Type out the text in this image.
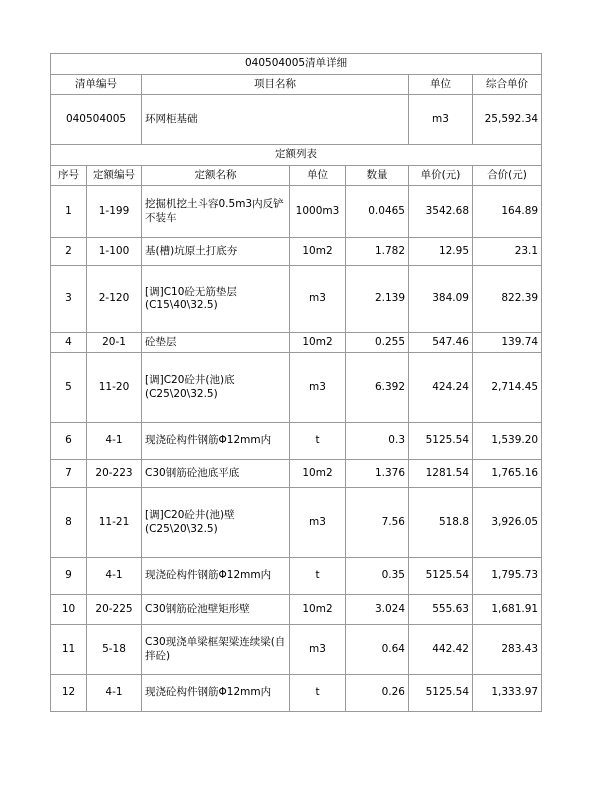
040504005清单详细						
清单编号		项目名称			单位	综合单价
040504005		环网柜基础			m3	25,592.34
定额列表						
序号	定额编号	定额名称	单位	数量	单价(元)	合价(元)
1	1-199	挖掘机挖土斗容0.5m3内反铲不装车	1000m3	0.0465	3542.68	164.89
2	1-100	基(槽)坑原土打底夯	10m2	1.782	12.95	23.1
3	2-120	[调]C10砼无筋垫层(C15\40\32.5)	m3	2.139	384.09	822.39
4	20-1	砼垫层	10m2	0.255	547.46	139.74
5	11-20	[调]C20砼井(池)底(C25\20\32.5)	m3	6.392	424.24	2,714.45
6	4-1	现浇砼构件钢筋Φ12mm内	t	0.3	5125.54	1,539.20
7	20-223	C30钢筋砼池底平底	10m2	1.376	1281.54	1,765.16
8	11-21	[调]C20砼井(池)壁(C25\20\32.5)	m3	7.56	518.8	3,926.05
9	4-1	现浇砼构件钢筋Φ12mm内	t	0.35	5125.54	1,795.73
10	20-225	C30钢筋砼池壁矩形壁	10m2	3.024	555.63	1,681.91
11	5-18	C30现浇单梁框架梁连续梁(自拌砼)	m3	0.64	442.42	283.43
12	4-1	现浇砼构件钢筋Φ12mm内	t	0.26	5125.54	1,333.97
